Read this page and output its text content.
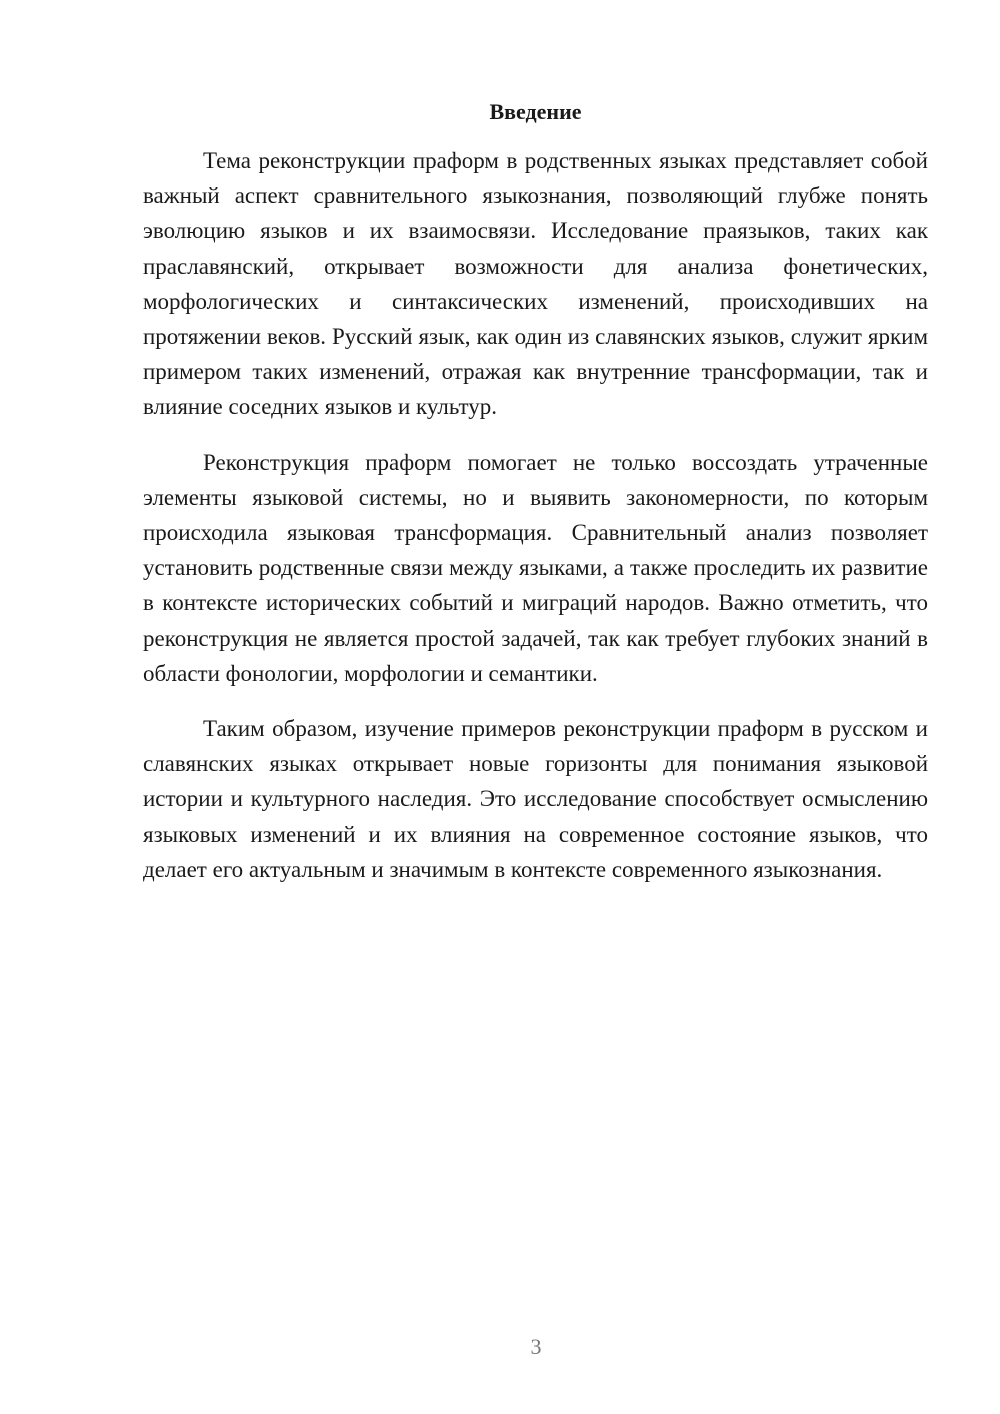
Введение

Тема реконструкции праформ в родственных языках представляет собой важный аспект сравнительного языкознания, позволяющий глубже понять эволюцию языков и их взаимосвязи. Исследование праязыков, таких как праславянский, открывает возможности для анализа фонетических, морфологических и синтаксических изменений, происходивших на протяжении веков. Русский язык, как один из славянских языков, служит ярким примером таких изменений, отражая как внутренние трансформации, так и влияние соседних языков и культур.

Реконструкция праформ помогает не только воссоздать утраченные элементы языковой системы, но и выявить закономерности, по которым происходила языковая трансформация. Сравнительный анализ позволяет установить родственные связи между языками, а также проследить их развитие в контексте исторических событий и миграций народов. Важно отметить, что реконструкция не является простой задачей, так как требует глубоких знаний в области фонологии, морфологии и семантики.

Таким образом, изучение примеров реконструкции праформ в русском и славянских языках открывает новые горизонты для понимания языковой истории и культурного наследия. Это исследование способствует осмыслению языковых изменений и их влияния на современное состояние языков, что делает его актуальным и значимым в контексте современного языкознания.

3
